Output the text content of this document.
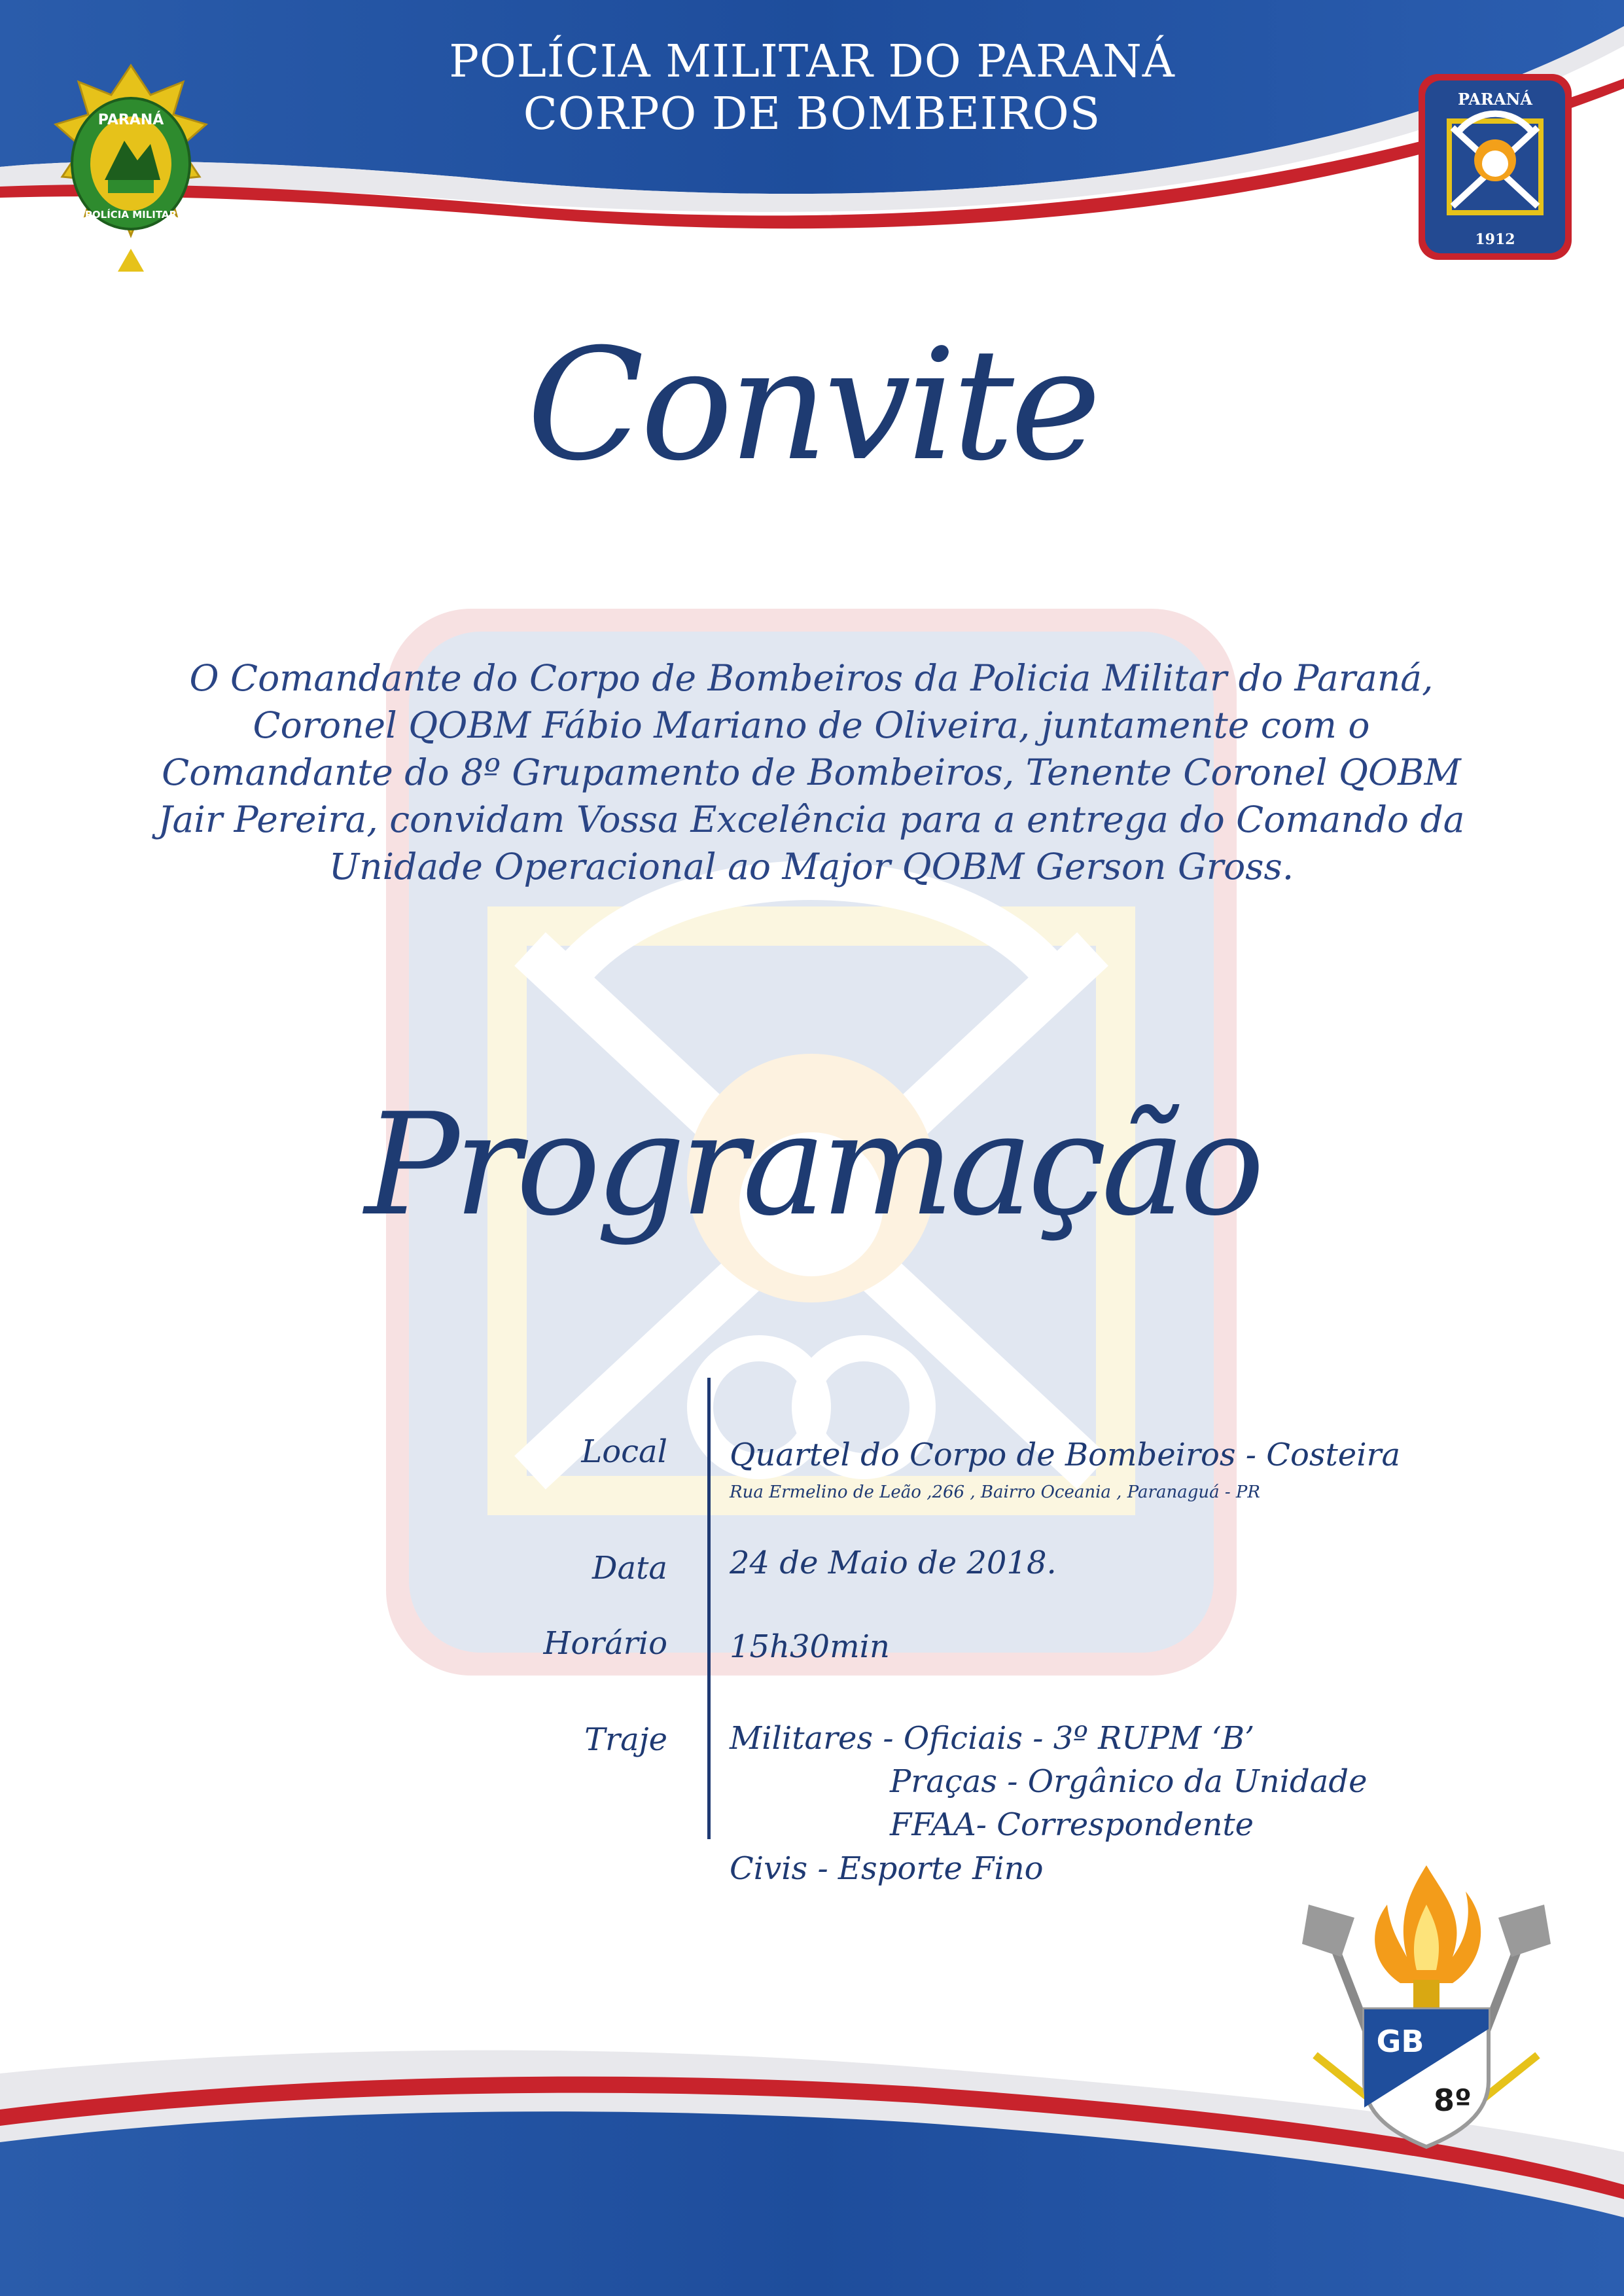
POLÍCIA MILITAR DO PARANÁ
CORPO DE BOMBEIROS
PARANÁ
POLÍCIA MILITAR
PARANÁ
1912
Convite
O Comandante do Corpo de Bombeiros da Policia Militar do Paraná,
Coronel QOBM Fábio Mariano de Oliveira, juntamente com o
Comandante do 8º Grupamento de Bombeiros, Tenente Coronel QOBM
Jair Pereira, convidam Vossa Excelência para a entrega do Comando da
Unidade Operacional ao Major QOBM Gerson Gross.
Programação
Local Quartel do Corpo de Bombeiros - Costeira
Rua Ermelino de Leão ,266 , Bairro Oceania , Paranaguá - PR
Data 24 de Maio de 2018.
Horário 15h30min
Traje Militares - Oficiais - 3º RUPM ‘B’
Praças - Orgânico da Unidade
FFAA- Correspondente
Civis - Esporte Fino
GB
8º
